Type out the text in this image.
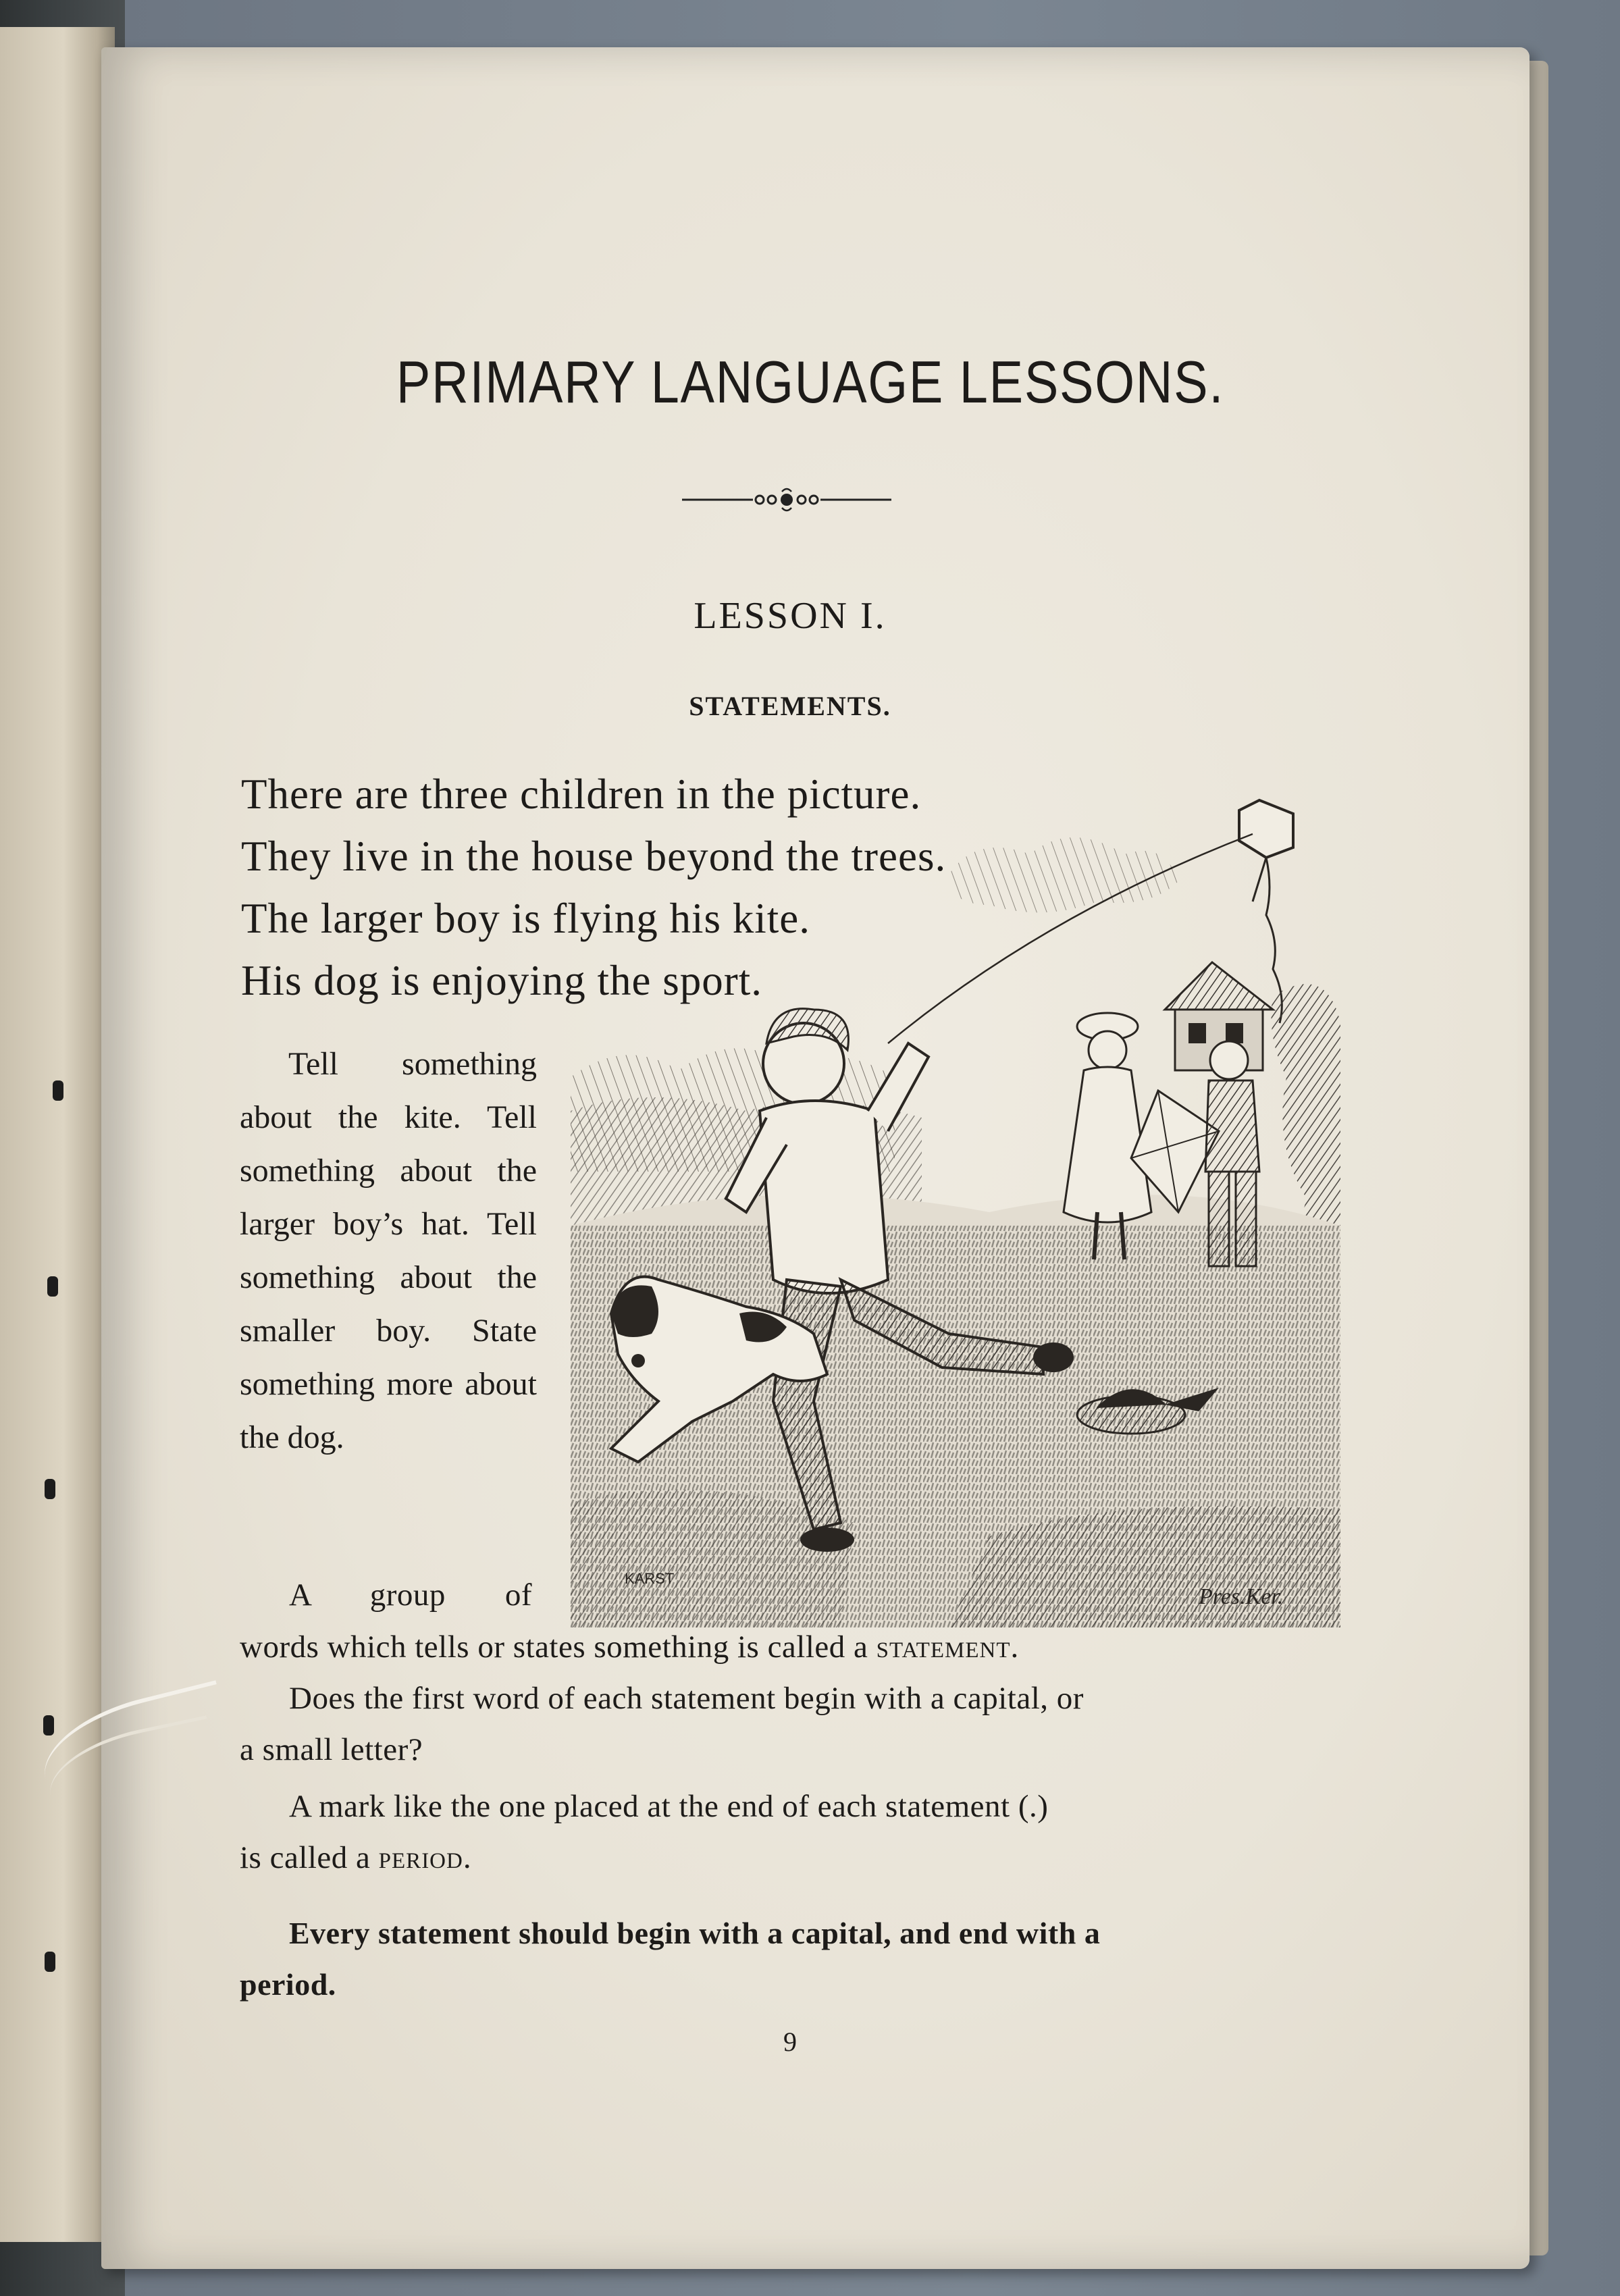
PRIMARY LANGUAGE LESSONS.
LESSON I.
STATEMENTS.
There are three children in the picture.
They live in the house beyond the trees.
The larger boy is flying his kite.
His dog is enjoying the sport.
Tell something about the kite. Tell something about the larger boy’s hat. Tell something about the smaller boy. State something more about the dog.
A group of
words which tells or states something is called a statement.
Does the first word of each statement begin with a capital, or
a small letter?
A mark like the one placed at the end of each statement (.)
is called a period.
Every statement should begin with a capital, and end with a
period.
9
KARST
Pres.Ker.
